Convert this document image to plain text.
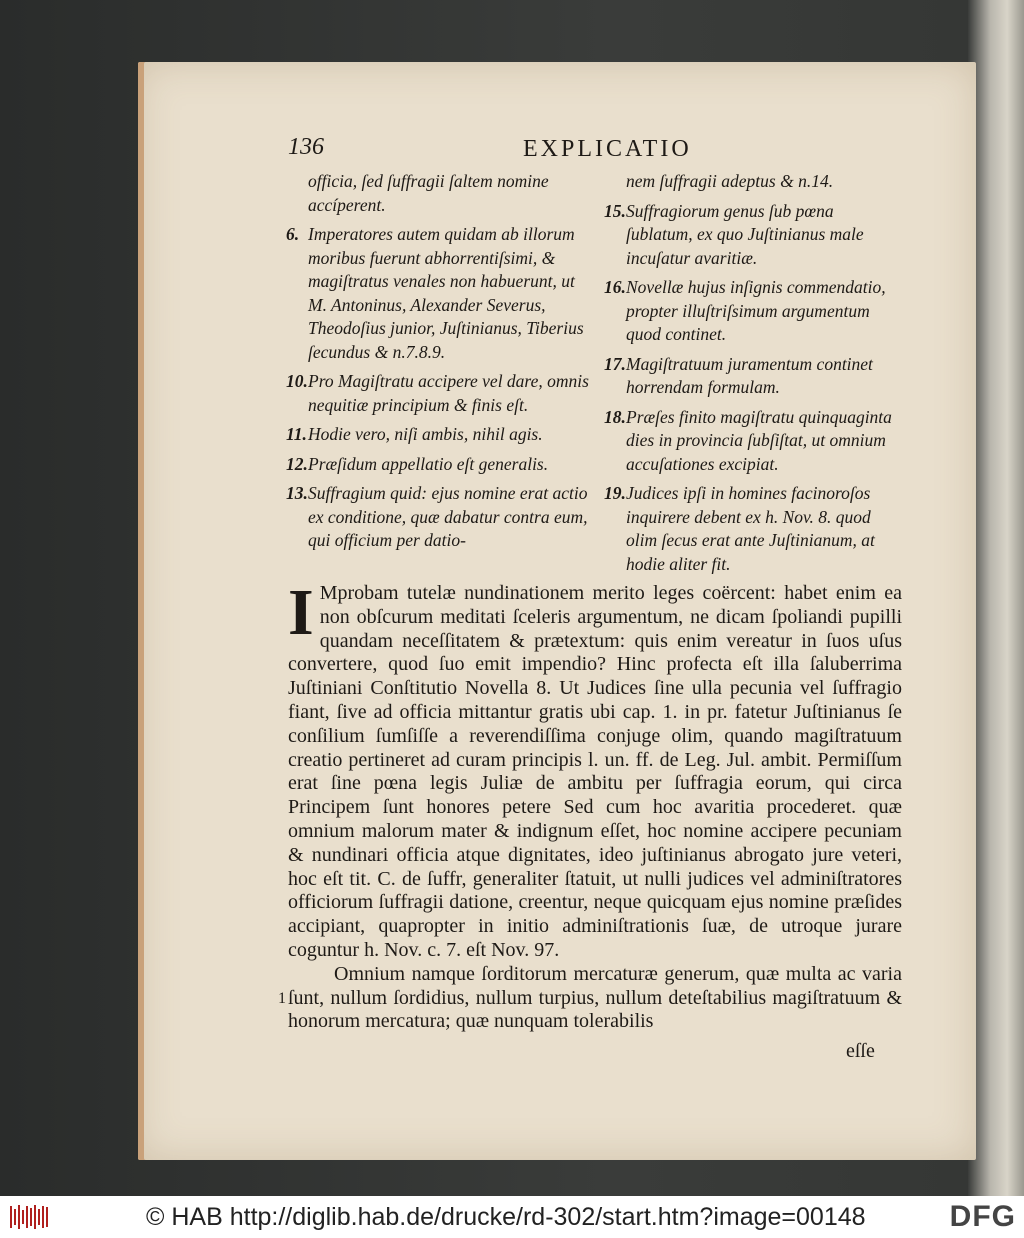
136	EXPLICATIO
officia, ſed ſuffragii ſaltem nomine accíperent.
6. Imperatores autem quidam ab illorum moribus fuerunt abhorrentiſsimi, & magiſtratus venales non habuerunt, ut M. Antoninus, Alexander Severus, Theodoſius junior, Juſtinianus, Tiberius ſecundus & n.7.8.9.
10. Pro Magiſtratu accipere vel dare, omnis nequitiæ principium & finis eſt.
11. Hodie vero, niſi ambis, nihil agis.
12. Præſidum appellatio eſt generalis.
13. Suffragium quid: ejus nomine erat actio ex conditione, quæ dabatur contra eum, qui officium per datio-
nem ſuffragii adeptus & n.14.
15. Suffragiorum genus ſub pœna ſublatum, ex quo Juſtinianus male incuſatur avaritiæ.
16. Novellæ hujus inſignis commendatio, propter illuſtriſsimum argumentum quod continet.
17. Magiſtratuum juramentum continet horrendam formulam.
18. Præſes finito magiſtratu quinquaginta dies in provincia ſubſiſtat, ut omnium accuſationes excipiat.
19. Judices ipſi in homines facinoroſos inquirere debent ex h. Nov. 8. quod olim ſecus erat ante Juſtinianum, at hodie aliter fit.

I Mprobam tutelæ nundinationem merito leges coërcent: habet enim ea non obſcurum meditati ſceleris argumentum, ne dicam ſpoliandi pupilli quandam neceſſitatem & prætextum: quis enim vereatur in ſuos uſus convertere, quod ſuo emit impendio? Hinc profecta eſt illa ſaluberrima Juſtiniani Conſtitutio Novella 8. Ut Judices ſine ulla pecunia vel ſuffragio fiant, ſive ad officia mittantur gratis ubi cap. 1. in pr. fatetur Juſtinianus ſe conſilium ſumſiſſe a reverendiſſima conjuge olim, quando magiſtratuum creatio pertineret ad curam principis l. un. ff. de Leg. Jul. ambit. Permiſſum erat ſine pœna legis Juliæ de ambitu per ſuffragia eorum, qui circa Principem ſunt honores petere Sed cum hoc avaritia procederet. quæ omnium malorum mater & indignum eſſet, hoc nomine accipere pecuniam & nundinari officia atque dignitates, ideo juſtinianus abrogato jure veteri, hoc eſt tit. C. de ſuffr, generaliter ſtatuit, ut nulli judices vel adminiſtratores officiorum ſuffragii datione, creentur, neque quicquam ejus nomine præſides accipiant, quapropter in initio adminiſtrationis ſuæ, de utroque jurare coguntur h. Nov. c. 7. eſt Nov. 97.

Omnium namque ſorditorum mercaturæ generum, quæ multa ac varia ſunt, nullum ſordidius, nullum turpius, nullum deteſtabilius magiſtratuum & honorum mercatura; quæ nunquam tolerabilis

1
eſſe
© HAB http://diglib.hab.de/drucke/rd-302/start.htm?image=00148	DFG
